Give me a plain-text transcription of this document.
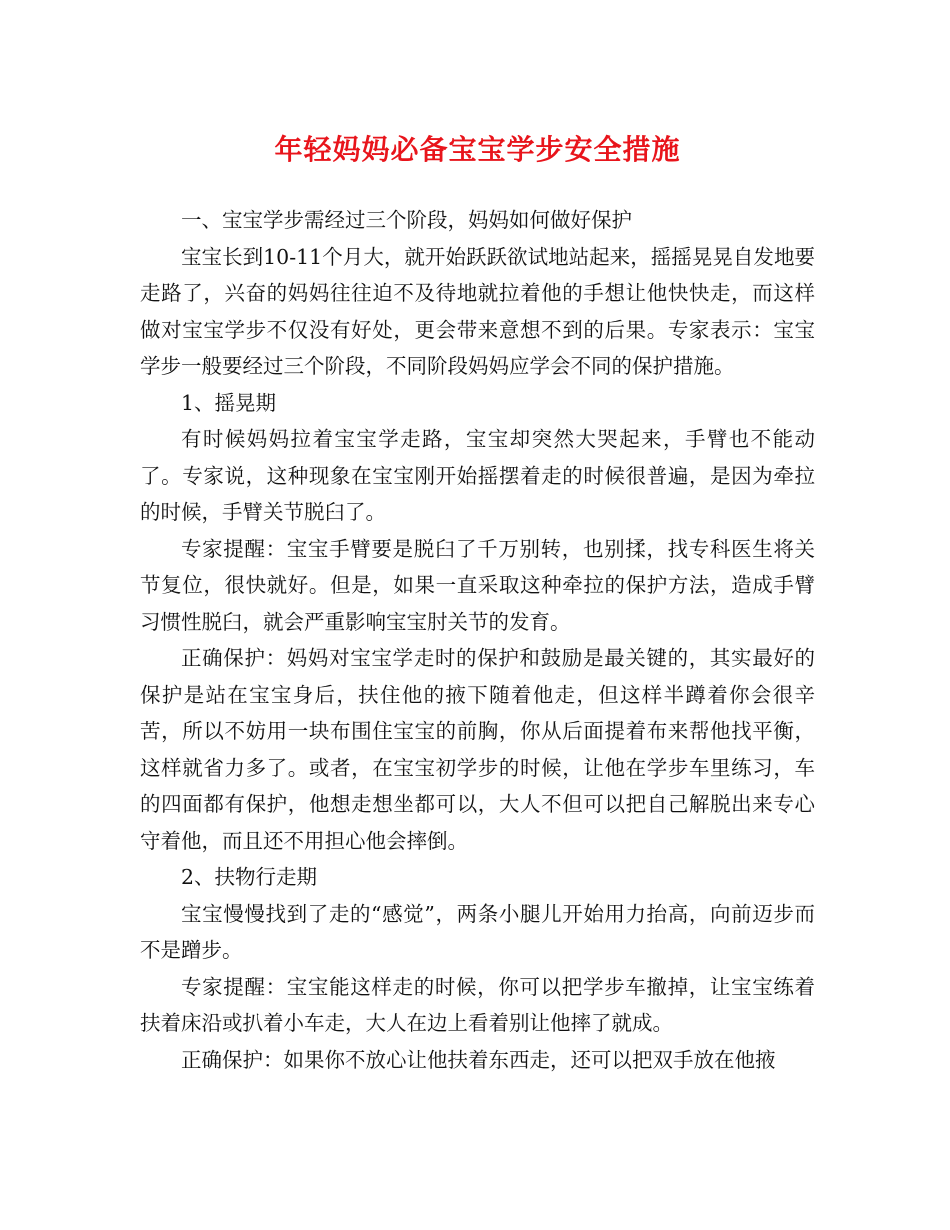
年轻妈妈必备宝宝学步安全措施

一、宝宝学步需经过三个阶段，妈妈如何做好保护

宝宝长到10-11个月大，就开始跃跃欲试地站起来，摇摇晃晃自发地要走路了，兴奋的妈妈往往迫不及待地就拉着他的手想让他快快走，而这样做对宝宝学步不仅没有好处，更会带来意想不到的后果。专家表示：宝宝学步一般要经过三个阶段，不同阶段妈妈应学会不同的保护措施。

1、摇晃期

有时候妈妈拉着宝宝学走路，宝宝却突然大哭起来，手臂也不能动了。专家说，这种现象在宝宝刚开始摇摆着走的时候很普遍，是因为牵拉的时候，手臂关节脱臼了。

专家提醒：宝宝手臂要是脱臼了千万别转，也别揉，找专科医生将关节复位，很快就好。但是，如果一直采取这种牵拉的保护方法，造成手臂习惯性脱臼，就会严重影响宝宝肘关节的发育。

正确保护：妈妈对宝宝学走时的保护和鼓励是最关键的，其实最好的保护是站在宝宝身后，扶住他的掖下随着他走，但这样半蹲着你会很辛苦，所以不妨用一块布围住宝宝的前胸，你从后面提着布来帮他找平衡，这样就省力多了。或者，在宝宝初学步的时候，让他在学步车里练习，车的四面都有保护，他想走想坐都可以，大人不但可以把自己解脱出来专心守着他，而且还不用担心他会摔倒。

2、扶物行走期

宝宝慢慢找到了走的“感觉”，两条小腿儿开始用力抬高，向前迈步而不是蹭步。

专家提醒：宝宝能这样走的时候，你可以把学步车撤掉，让宝宝练着扶着床沿或扒着小车走，大人在边上看着别让他摔了就成。

正确保护：如果你不放心让他扶着东西走，还可以把双手放在他掖
